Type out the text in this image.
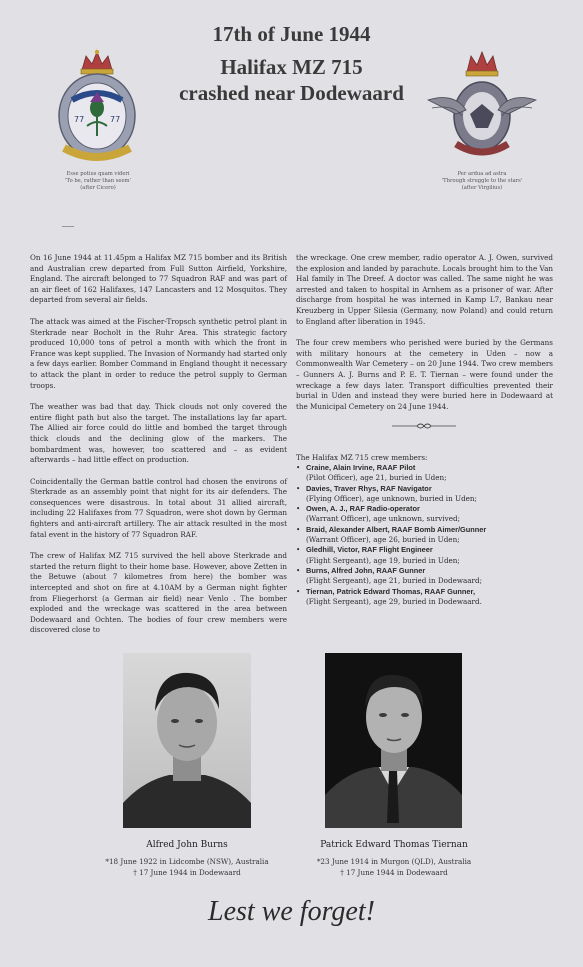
17th of June 1944
Halifax MZ 715
crashed near Dodewaard
77	77
Esse potius quam videri
'To be, rather than seem'
(after Cicero)
Per ardua ad astra
'Through struggle to the stars'
(after Virgilius)

On 16 June 1944 at 11.45pm a Halifax MZ 715 bomber and its British and Australian crew departed from Full Sutton Airfield, Yorkshire, England. The aircraft belonged to 77 Squadron RAF and was part of an air fleet of 162 Halifaxes, 147 Lancasters and 12 Mosquitos. They departed from several air fields.

The attack was aimed at the Fischer-Tropsch synthetic petrol plant in Sterkrade near Bocholt in the Ruhr Area. This strategic factory produced 10,000 tons of petrol a month with which the front in France was kept supplied. The Invasion of Normandy had started only a few days earlier. Bomber Command in England thought it necessary to attack the plant in order to reduce the petrol supply to German troops.

The weather was bad that day. Thick clouds not only covered the entire flight path but also the target. The installations lay far apart. The Allied air force could do little and bombed the target through thick clouds and the declining glow of the markers. The bombardment was, however, too scattered and – as evident afterwards – had little effect on production.

Coincidentally the German battle control had chosen the environs of Sterkrade as an assembly point that night for its air defenders. The consequences were disastrous. In total about 31 allied aircraft, including 22 Halifaxes from 77 Squadron, were shot down by German fighters and anti-aircraft artillery. The air attack resulted in the most fatal event in the history of 77 Squadron RAF.

The crew of Halifax MZ 715 survived the hell above Sterkrade and started the return flight to their home base. However, above Zetten in the Betuwe (about 7 kilometres from here) the bomber was intercepted and shot on fire at 4.10AM by a German night fighter from Fliegerhorst (a German air field) near Venlo . The bomber exploded and the wreckage was scattered in the area between Dodewaard and Ochten. The bodies of four crew members were discovered close to

the wreckage. One crew member, radio operator A. J. Owen, survived the explosion and landed by parachute. Locals brought him to the Van Hal family in The Dreef. A doctor was called. The same night he was arrested and taken to hospital in Arnhem as a prisoner of war. After discharge from hospital he was interned in Kamp L7, Bankau near Kreuzberg in Upper Silesia (Germany, now Poland) and could return to England after liberation in 1945.

The four crew members who perished were buried by the Germans with military honours at the cemetery in Uden – now a Commonwealth War Cemetery – on 20 June 1944. Two crew members – Gunners A. J. Burns and P. E. T. Tiernan – were found under the wreckage a few days later. Transport difficulties prevented their burial in Uden and instead they were buried here in Dodewaard at the Municipal Cemetery on 24 June 1944.

The Halifax MZ 715 crew members:
• Craine, Alain Irvine, RAAF Pilot
(Pilot Officer), age 21, buried in Uden;
• Davies, Traver Rhys, RAF Navigator
(Flying Officer), age unknown, buried in Uden;
• Owen, A. J., RAF Radio-operator
(Warrant Officer), age unknown, survived;
• Braid, Alexander Albert, RAAF Bomb Aimer/Gunner
(Warrant Officer), age 26, buried in Uden;
• Gledhill, Victor, RAF Flight Engineer
(Flight Sergeant), age 19, buried in Uden;
• Burns, Alfred John, RAAF Gunner
(Flight Sergeant), age 21, buried in Dodewaard;
• Tiernan, Patrick Edward Thomas, RAAF Gunner,
(Flight Sergeant), age 29, buried in Dodewaard.
Alfred John Burns
*18 June 1922 in Lidcombe (NSW), Australia
† 17 June 1944 in Dodewaard
Patrick Edward Thomas Tiernan
*23 June 1914 in Murgon (QLD), Australia
† 17 June 1944 in Dodewaard
Lest we forget!
